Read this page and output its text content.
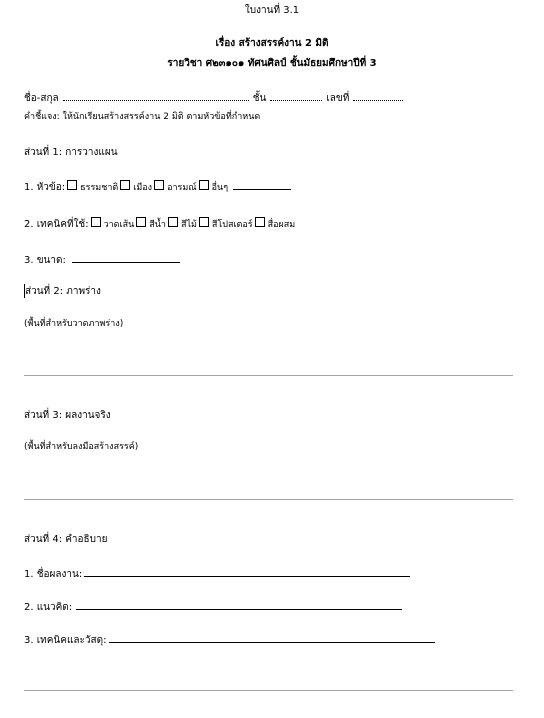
ใบงานที่ 3.1
เรื่อง สร้างสรรค์งาน 2 มิติ
รายวิชา ศ๒๓๑๐๑ ทัศนศิลป์ ชั้นมัธยมศึกษาปีที่ 3
ชื่อ-สกุล	ชั้น	เลขที่
คำชี้แจง: ให้นักเรียนสร้างสรรค์งาน 2 มิติ ตามหัวข้อที่กำหนด
ส่วนที่ 1: การวางแผน
1. หัวข้อ: ธรรมชาติ เมือง อารมณ์ อื่นๆ
2. เทคนิคที่ใช้: วาดเส้น สีน้ำ สีไม้ สีโปสเตอร์ สื่อผสม
3. ขนาด:
ส่วนที่ 2: ภาพร่าง
(พื้นที่สำหรับวาดภาพร่าง)
ส่วนที่ 3: ผลงานจริง
(พื้นที่สำหรับลงมือสร้างสรรค์)
ส่วนที่ 4: คำอธิบาย
1. ชื่อผลงาน:
2. แนวคิด:
3. เทคนิคและวัสดุ:
